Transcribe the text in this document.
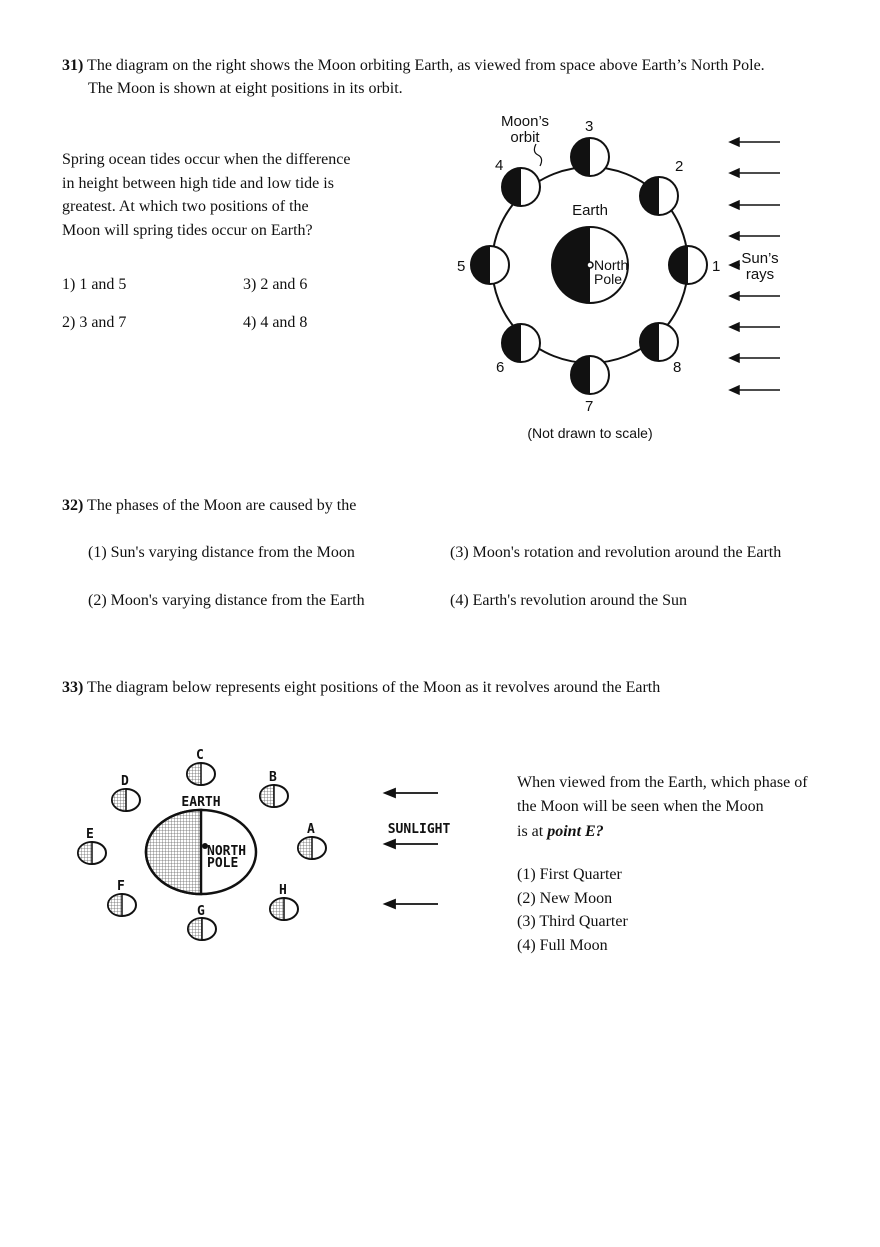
31) The diagram on the right shows the Moon orbiting Earth, as viewed from space above Earth’s North Pole.
The Moon is shown at eight positions in its orbit.
Spring ocean tides occur when the difference
in height between high tide and low tide is
greatest. At which two positions of the
Moon will spring tides occur on Earth?
1) 1 and 5	3) 2 and 6
2) 3 and 7	4) 4 and 8
Earth
North
Pole
1
2
3
4
5
6
7
8
Moon’s
orbit
Sun’s
rays
(Not drawn to scale)
32) The phases of the Moon are caused by the
(1) Sun's varying distance from the Moon	(3) Moon's rotation and revolution around the Earth
(2) Moon's varying distance from the Earth	(4) Earth's revolution around the Sun
33) The diagram below represents eight positions of the Moon as it revolves around the Earth
EARTH
NORTH
POLE
A
B
C
D
E
F
G
H
SUNLIGHT
When viewed from the Earth, which phase of
the Moon will be seen when the Moon
is at point E?
(1) First Quarter
(2) New Moon
(3) Third Quarter
(4) Full Moon
